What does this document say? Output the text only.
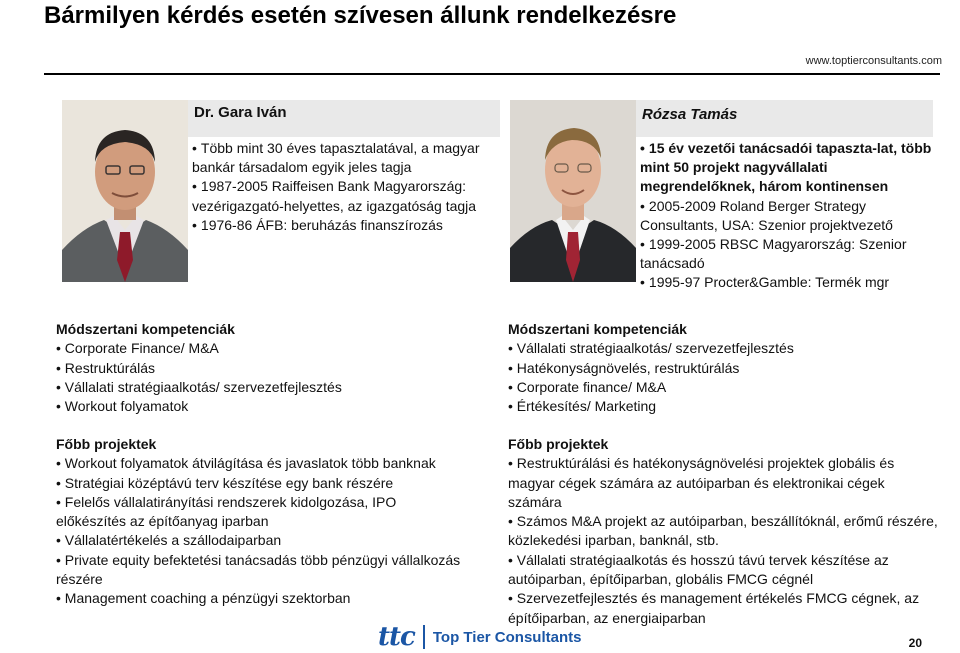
Bármilyen kérdés esetén szívesen állunk rendelkezésre
www.toptierconsultants.com
Dr. Gara Iván
• Több mint 30 éves tapasztalatával, a magyar bankár társadalom egyik jeles tagja
• 1987-2005 Raiffeisen Bank Magyarország: vezérigazgató-helyettes, az igazgatóság tagja
• 1976-86 ÁFB: beruházás finanszírozás
Rózsa Tamás
• 15 év vezetői tanácsadói tapaszta-lat, több mint 50 projekt nagyvállalati megrendelőknek, három kontinensen
• 2005-2009 Roland Berger Strategy Consultants, USA: Szenior projektvezető
• 1999-2005 RBSC Magyarország: Szenior tanácsadó
• 1995-97 Procter&Gamble: Termék mgr
Módszertani kompetenciák
• Corporate Finance/ M&A
• Restruktúrálás
• Vállalati stratégiaalkotás/ szervezetfejlesztés
• Workout folyamatok
Főbb projektek
• Workout folyamatok átvilágítása és javaslatok több banknak
• Stratégiai középtávú terv készítése egy bank részére
• Felelős vállalatirányítási rendszerek kidolgozása, IPO előkészítés az építőanyag iparban
• Vállalatértékelés a szállodaiparban
• Private equity befektetési tanácsadás több pénzügyi vállalkozás részére
• Management coaching a pénzügyi szektorban
Módszertani kompetenciák
• Vállalati stratégiaalkotás/ szervezetfejlesztés
• Hatékonyságnövelés, restruktúrálás
• Corporate finance/ M&A
• Értékesítés/ Marketing
Főbb projektek
• Restruktúrálási és hatékonyságnövelési projektek globális és magyar cégek számára az autóiparban és elektronikai cégek számára
• Számos M&A projekt az autóiparban, beszállítóknál, erőmű részére, közlekedési iparban, banknál, stb.
• Vállalati stratégiaalkotás és hosszú távú tervek készítése az autóiparban, építőiparban, globális FMCG cégnél
• Szervezetfejlesztés és management értékelés FMCG cégnek, az építőiparban, az energiaiparban
ttc Top Tier Consultants	20
